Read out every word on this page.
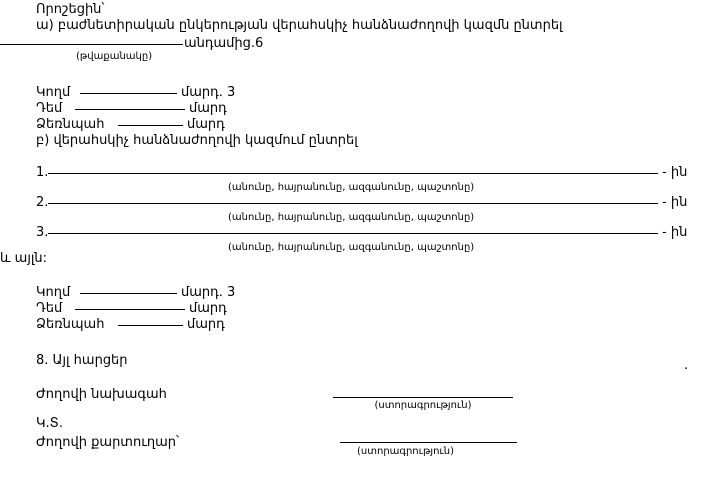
Որոշեցին՝
ա) բաժնետիրական ընկերության վերահսկիչ հանձնաժողովի կազմն ընտրել
անդամից.6
(թվաքանակը)
Կողմ	մարդ. 3
Դեմ	մարդ
Ձեռնպահ	մարդ
բ) վերահսկիչ հանձնաժողովի կազմում ընտրել
1.	- ին
(անունը, հայրանունը, ազգանունը, պաշտոնը)
2.	- ին
(անունը, հայրանունը, ազգանունը, պաշտոնը)
3.	- ին
(անունը, հայրանունը, ազգանունը, պաշտոնը)
և այլն:
Կողմ	մարդ. 3
Դեմ	մարդ
Ձեռնպահ	մարդ
8. Այլ հարցեր	.
Ժողովի նախագահ
(ստորագրություն)
Կ.Տ.
Ժողովի քարտուղար՝
(ստորագրություն)
